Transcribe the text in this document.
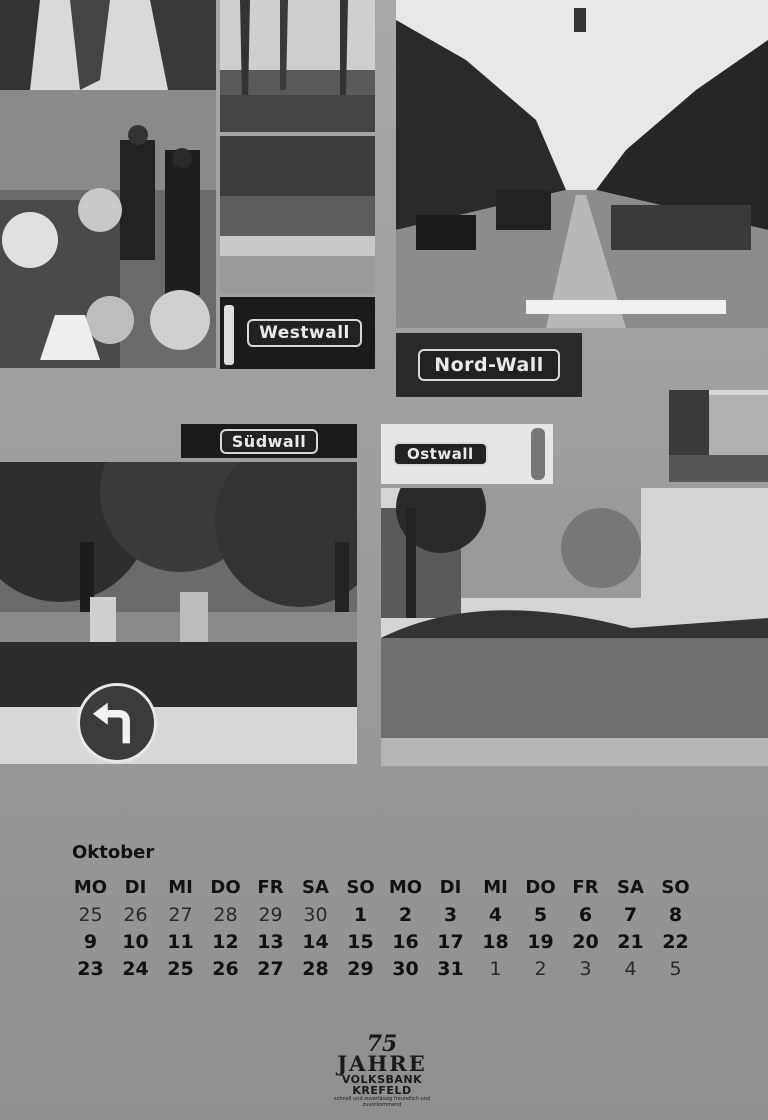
Westwall
Nord-Wall
Südwall
Ostwall
Oktober
MO DI	MI DO FR	SA SO MO DI	MI DO FR	SA SO
25	26	27	28	29	30	1	2	3	4	5	6	7	8
9	10 11 12 13 14 15 16 17 18 19 20 21 22
23 24 25 26 27 28 29 30 31	1	2	3	4	5
75
JAHRE
VOLKSBANK
KREFELD
schnell und zuverlässig freundlich und zuvorkommend
